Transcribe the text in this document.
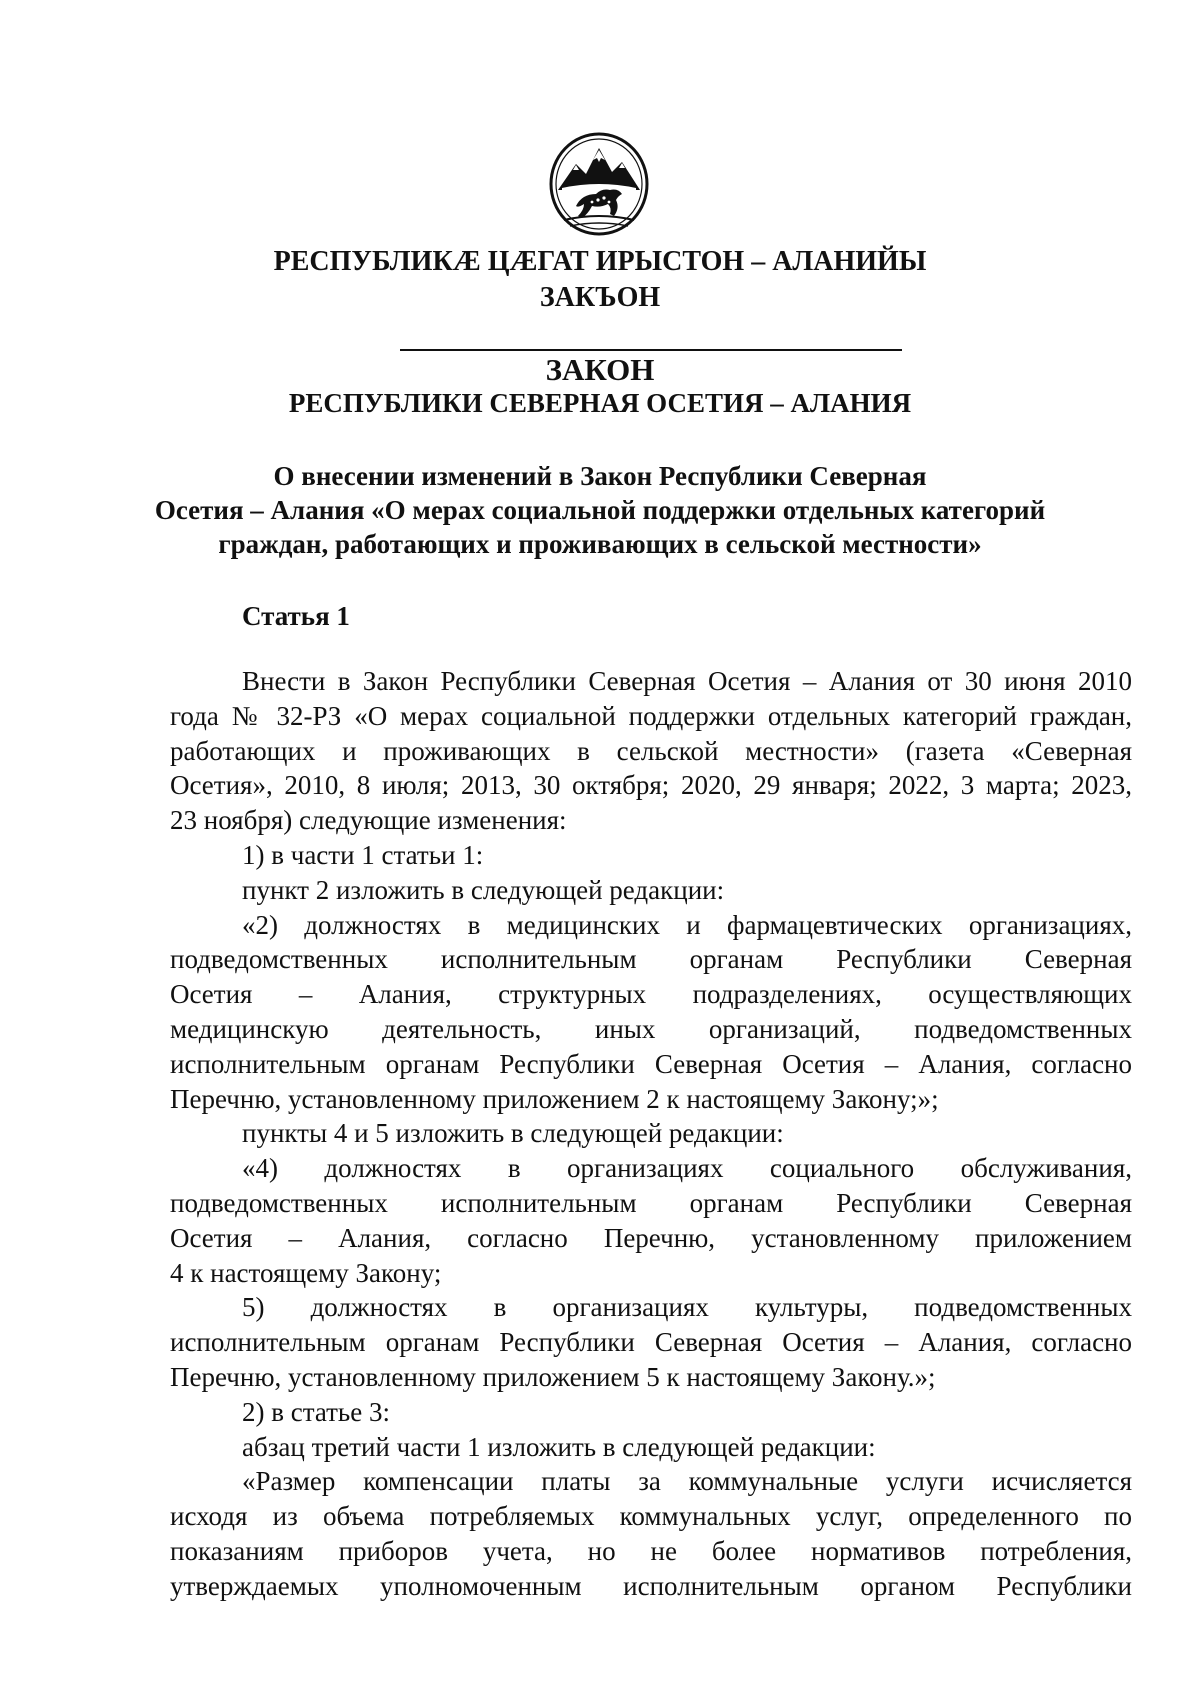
РЕСПУБЛИКӔ ЦӔГАТ ИРЫСТОН – АЛАНИЙЫ
ЗАКЪОН
ЗАКОН
РЕСПУБЛИКИ СЕВЕРНАЯ ОСЕТИЯ – АЛАНИЯ
О внесении изменений в Закон Республики Северная
Осетия – Алания «О мерах социальной поддержки отдельных категорий
граждан, работающих и проживающих в сельской местности»
Статья 1
Внести в Закон Республики Северная Осетия – Алания от 30 июня 2010
года № 32-РЗ «О мерах социальной поддержки отдельных категорий граждан,
работающих и проживающих в сельской местности» (газета «Северная
Осетия», 2010, 8 июля; 2013, 30 октября; 2020, 29 января; 2022, 3 марта; 2023,
23 ноября) следующие изменения:
1) в части 1 статьи 1:
пункт 2 изложить в следующей редакции:
«2) должностях в медицинских и фармацевтических организациях,
подведомственных исполнительным органам Республики Северная
Осетия – Алания, структурных подразделениях, осуществляющих
медицинскую деятельность, иных организаций, подведомственных
исполнительным органам Республики Северная Осетия – Алания, согласно
Перечню, установленному приложением 2 к настоящему Закону;»;
пункты 4 и 5 изложить в следующей редакции:
«4) должностях в организациях социального обслуживания,
подведомственных исполнительным органам Республики Северная
Осетия – Алания, согласно Перечню, установленному приложением
4 к настоящему Закону;
5) должностях в организациях культуры, подведомственных
исполнительным органам Республики Северная Осетия – Алания, согласно
Перечню, установленному приложением 5 к настоящему Закону.»;
2) в статье 3:
абзац третий части 1 изложить в следующей редакции:
«Размер компенсации платы за коммунальные услуги исчисляется
исходя из объема потребляемых коммунальных услуг, определенного по
показаниям приборов учета, но не более нормативов потребления,
утверждаемых уполномоченным исполнительным органом Республики
